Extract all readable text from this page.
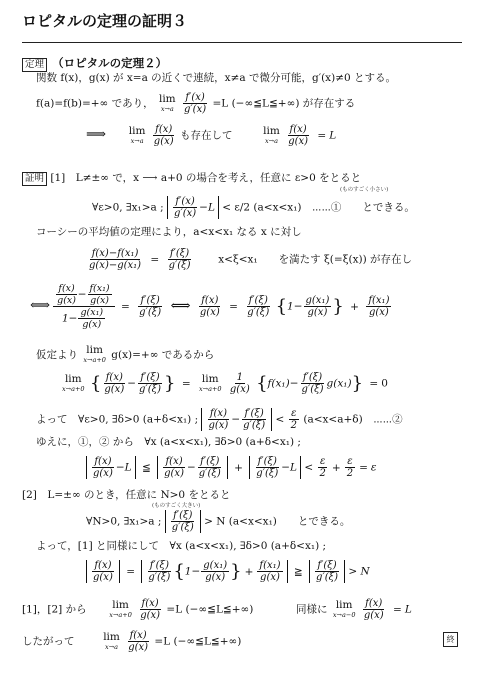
ロピタルの定理の証明３
定理 （ロピタルの定理２）
関数 f(x)，g(x) が x=a の近くで連続，x≠a で微分可能，g′(x)≠0 とする。
f(a)=f(b)=+∞ であり， lim
x→a
$\frac{f'(x)}{g'(x)} =L$ (−∞≦L≦+∞) が存在する
⟹ lim
x→a
$\frac{f(x)}{g(x)}$ も存在して	lim
x→a
$\frac{f(x)}{g(x)} = L$
証明 [1]　L≠±∞ で，x ⟶ a+0 の場合を考え，任意に ε>0 をとると
(ものすごく小さい)
∀ε>0, ∃x₁>a ; $\frac{f'(x)}{g'(x)} -L < \varepsilon/2$ (a<x<x₁)　⋯⋯①　　とできる。
コーシーの平均値の定理により，a<x<x₁ なる x に対し
$\frac{\text{f(x)−f(x₁)}}{\text{g(x)−g(x₁)}} = \frac{f'(\xi)}{g'(\xi)} x<\xi<x_1$　　を満たす ξ(=ξ(x)) が存在し
⟺ $\frac{\frac{f(x)}{g(x)} - \frac{\text{f(x₁)}}{g(x)}}{1- \frac{\text{g(x₁)}}{g(x)}} = \frac{f'(\xi)}{g'(\xi)}$ ⟺ $\frac{f(x)}{g(x)} = \frac{f'(\xi)}{g'(\xi)} \{1- \frac{\text{g(x₁)}}{g(x)}$ } + $\frac{\text{f(x₁)}}{g(x)}$
仮定より lim
x→a+0 g(x)=+∞ であるから
lim
x→a+0 { $\frac{f(x)}{g(x)} - \frac{f'(\xi)}{g'(\xi)}$ } = lim
x→a+0
$\frac{1}{g(x)} \{f(x_1)- \frac{f'(\xi)}{g'(\xi)} g(x_1)\} = 0$
よって　∀ε>0, ∃δ>0 (a+δ<x₁) ; $\frac{f(x)}{g(x)} - \frac{f'(\xi)}{g'(\xi)} < \frac{\varepsilon}{2} (a<x<a+\delta)$　⋯⋯②
ゆえに，①，② から　∀x (a<x<x₁), ∃δ>0 (a+δ<x₁) ;
$\frac{f(x)}{g(x)} -L$ ≦ $\frac{f(x)}{g(x)} - \frac{f'(\xi)}{g'(\xi)} + \frac{f'(\xi)}{g'(\xi)} -L < \frac{\varepsilon}{2} + \frac{\varepsilon}{2} = \varepsilon$
[2]　L=±∞ のとき，任意に N>0 をとると
(ものすごく大きい)
∀N>0, ∃x₁>a ; $\frac{f'(\xi)}{g'(\xi)} > N$ (a<x<x₁)　　とできる。
よって，[1] と同様にして　∀x (a<x<x₁), ∃δ>0 (a+δ<x₁) ;
$\frac{f(x)}{g(x)} = \frac{f'(\xi)}{g'(\xi)} \{1- \frac{\text{g(x₁)}}{g(x)}$ } + $\frac{\text{f(x₁)}}{g(x)}$ ≧ $\frac{f'(\xi)}{g'(\xi)} > N$
[1]，[2] から lim
x→a+0
$\frac{f(x)}{g(x)} =L$ (−∞≦L≦+∞)	同様に lim
x→a−0
$\frac{f(x)}{g(x)} = L$
したがって	lim
x→a
$\frac{f(x)}{g(x)} =L$ (−∞≦L≦+∞)	終
